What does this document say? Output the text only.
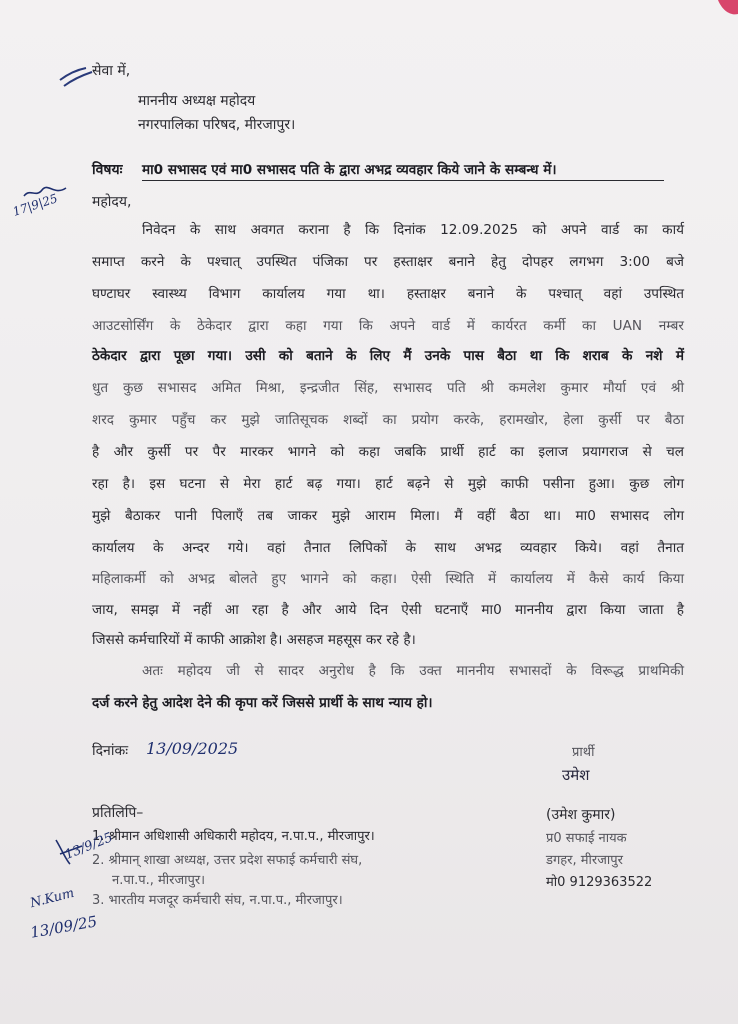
सेवा में,
माननीय अध्यक्ष महोदय
नगरपालिका परिषद, मीरजापुर।
विषयः मा0 सभासद एवं मा0 सभासद पति के द्वारा अभद्र व्यवहार किये जाने के सम्बन्ध में।
17|9|25 महोदय,
निवेदन के साथ अवगत कराना है कि दिनांक 12.09.2025 को अपने वार्ड का कार्य
समाप्त करने के पश्चात् उपस्थित पंजिका पर हस्ताक्षर बनाने हेतु दोपहर लगभग 3:00 बजे
घण्टाघर स्वास्थ्य विभाग कार्यालय गया था। हस्ताक्षर बनाने के पश्चात् वहां उपस्थित
आउटसोर्सिंग के ठेकेदार द्वारा कहा गया कि अपने वार्ड में कार्यरत कर्मी का UAN नम्बर
ठेकेदार द्वारा पूछा गया। उसी को बताने के लिए मैं उनके पास बैठा था कि शराब के नशे में
धुत कुछ सभासद अमित मिश्रा, इन्द्रजीत सिंह, सभासद पति श्री कमलेश कुमार मौर्या एवं श्री
शरद कुमार पहुँच कर मुझे जातिसूचक शब्दों का प्रयोग करके, हरामखोर, हेला कुर्सी पर बैठा
है और कुर्सी पर पैर मारकर भागने को कहा जबकि प्रार्थी हार्ट का इलाज प्रयागराज से चल
रहा है। इस घटना से मेरा हार्ट बढ़ गया। हार्ट बढ़ने से मुझे काफी पसीना हुआ। कुछ लोग
मुझे बैठाकर पानी पिलाएँ तब जाकर मुझे आराम मिला। मैं वहीं बैठा था। मा0 सभासद लोग
कार्यालय के अन्दर गये। वहां तैनात लिपिकों के साथ अभद्र व्यवहार किये। वहां तैनात
महिलाकर्मी को अभद्र बोलते हुए भागने को कहा। ऐसी स्थिति में कार्यालय में कैसे कार्य किया
जाय, समझ में नहीं आ रहा है और आये दिन ऐसी घटनाएँ मा0 माननीय द्वारा किया जाता है
जिससे कर्मचारियों में काफी आक्रोश है। असहज महसूस कर रहे है।
अतः महोदय जी से सादर अनुरोध है कि उक्त माननीय सभासदों के विरूद्ध प्राथमिकी
दर्ज करने हेतु आदेश देने की कृपा करें जिससे प्रार्थी के साथ न्याय हो।
दिनांकः 13/09/2025	प्रार्थी
उमेश
(उमेश कुमार)
प्र0 सफाई नायक
डगहर, मीरजापुर
मो0 9129363522
प्रतिलिपि–
1. श्रीमान अधिशासी अधिकारी महोदय, न.पा.प., मीरजापुर।
2. श्रीमान् शाखा अध्यक्ष, उत्तर प्रदेश सफाई कर्मचारी संघ,
न.पा.प., मीरजापुर।
3. भारतीय मजदूर कर्मचारी संघ, न.पा.प., मीरजापुर।
13/9/25
N.Kum
13/09/25
